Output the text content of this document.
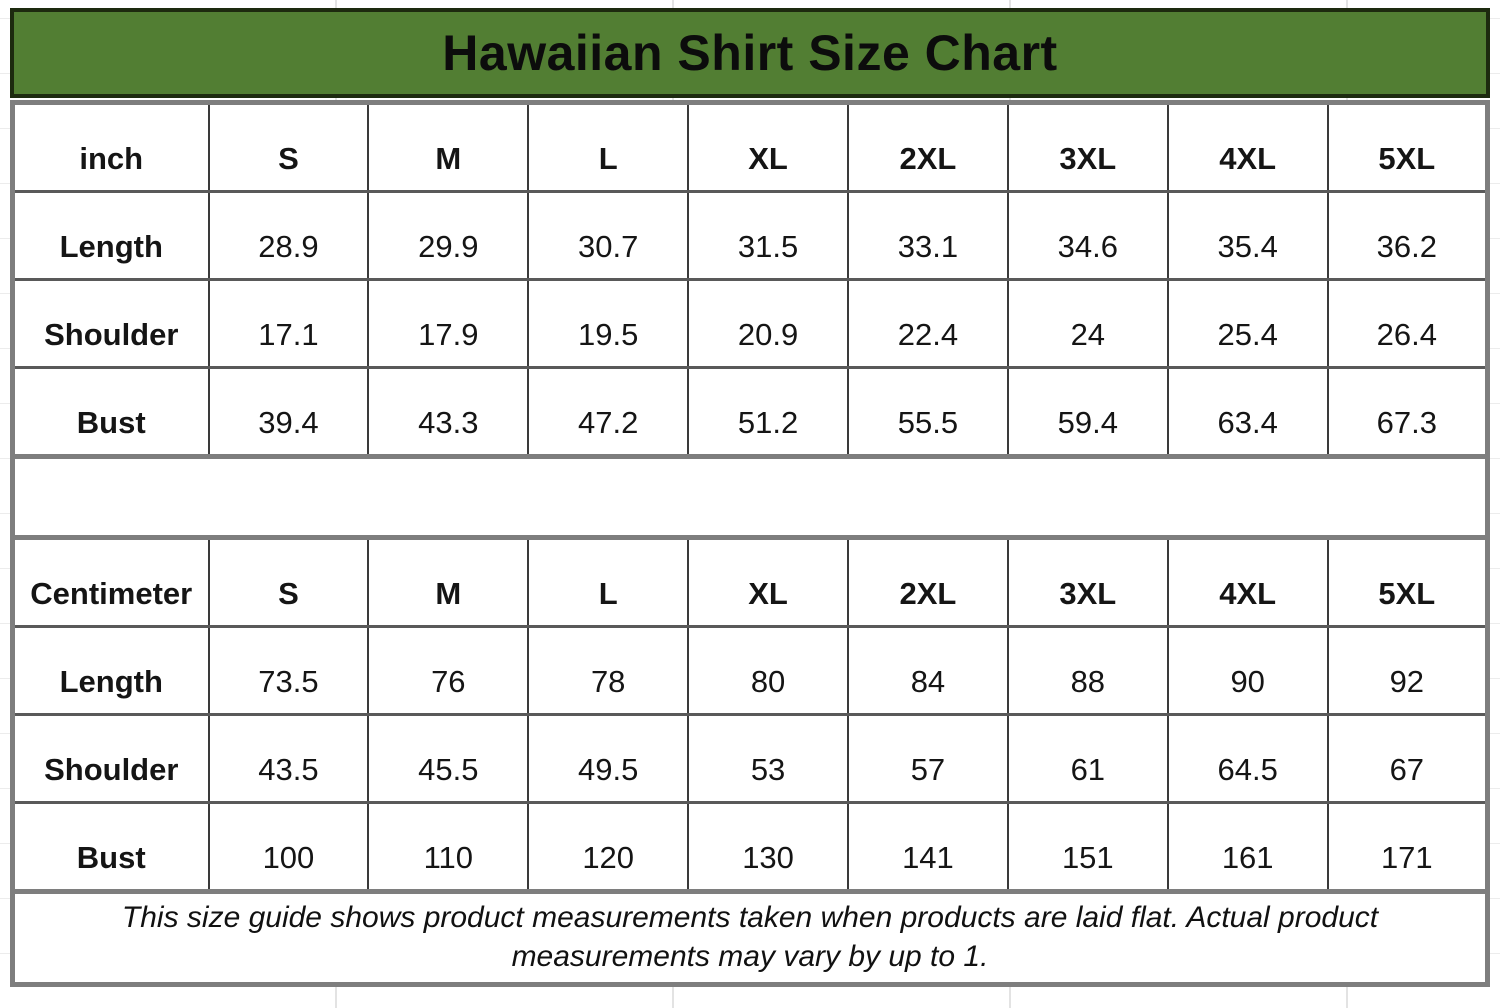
Hawaiian Shirt Size Chart
inch	S	M	L	XL	2XL	3XL	4XL	5XL
Length	28.9	29.9	30.7	31.5	33.1	34.6	35.4	36.2
Shoulder	17.1	17.9	19.5	20.9	22.4	24	25.4	26.4
Bust	39.4	43.3	47.2	51.2	55.5	59.4	63.4	67.3

Centimeter	S	M	L	XL	2XL	3XL	4XL	5XL
Length	73.5	76	78	80	84	88	90	92
Shoulder	43.5	45.5	49.5	53	57	61	64.5	67
Bust	100	110	120	130	141	151	161	171
This size guide shows product measurements taken when products are laid flat. Actual product measurements may vary by up to 1.								
